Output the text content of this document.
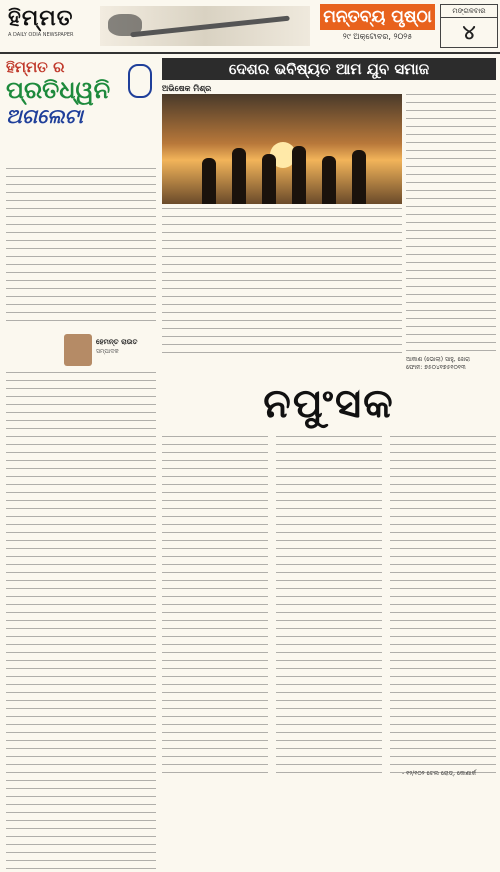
ହିମ୍ମତ
A DAILY ODIA NEWSPAPER
ମନ୍ତବ୍ୟ ପୃଷ୍ଠା
୨୯ ଅକ୍ଟୋବର, ୨୦୨୫
ମଙ୍ଗଳବାର
୪
ହିମ୍ମତ ର
ପ୍ରତିଧ୍ୱନି
ଅଗଲେଟା
ହେମନ୍ତ ରାଉତ
ସମ୍ପାଦକ
ଦେଶର ଭବିଷ୍ୟତ ଆମ ଯୁବ ସମାଜ
ଅଭିଷେକ ମିଶ୍ର
ଆକାଶ (ଭୋଲା) ସାହୁ, ଖେରା
ଫୋନ: ୭୫୦୪୧୭୫୧୦୧୩
ନପୁଂସକ
- ୧୨/୧୦୨ ଟେଲ ରୋଡ୍, କୋଣାର୍କ
